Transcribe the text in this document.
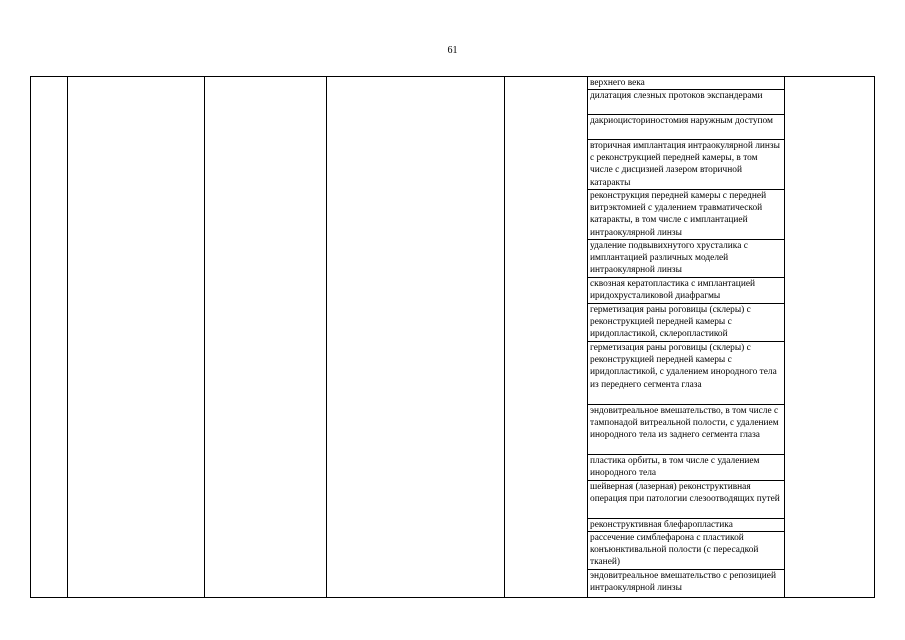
61
верхнего века
дилатация слезных протоков экспандерами
дакриоцисториностомия наружным доступом
вторичная имплантация интраокулярной линзы с реконструкцией передней камеры, в том числе с дисцизией лазером вторичной катаракты
реконструкция передней камеры с передней витрэктомией с удалением травматической катаракты, в том числе с имплантацией интраокулярной линзы
удаление подвывихнутого хрусталика с имплантацией различных моделей интраокулярной линзы
сквозная кератопластика с имплантацией иридохрусталиковой диафрагмы
герметизация раны роговицы (склеры) с реконструкцией передней камеры с иридопластикой, склеропластикой
герметизация раны роговицы (склеры) с реконструкцией передней камеры с иридопластикой, с удалением инородного тела из переднего сегмента глаза
эндовитреальное вмешательство, в том числе с тампонадой витреальной полости, с удалением инородного тела из заднего сегмента глаза
пластика орбиты, в том числе с удалением инородного тела
шейверная (лазерная) реконструктивная операция при патологии слезоотводящих путей
реконструктивная блефаропластика
рассечение симблефарона с пластикой конъюнктивальной полости (с пересадкой тканей)
эндовитреальное вмешательство с репозицией интраокулярной линзы
